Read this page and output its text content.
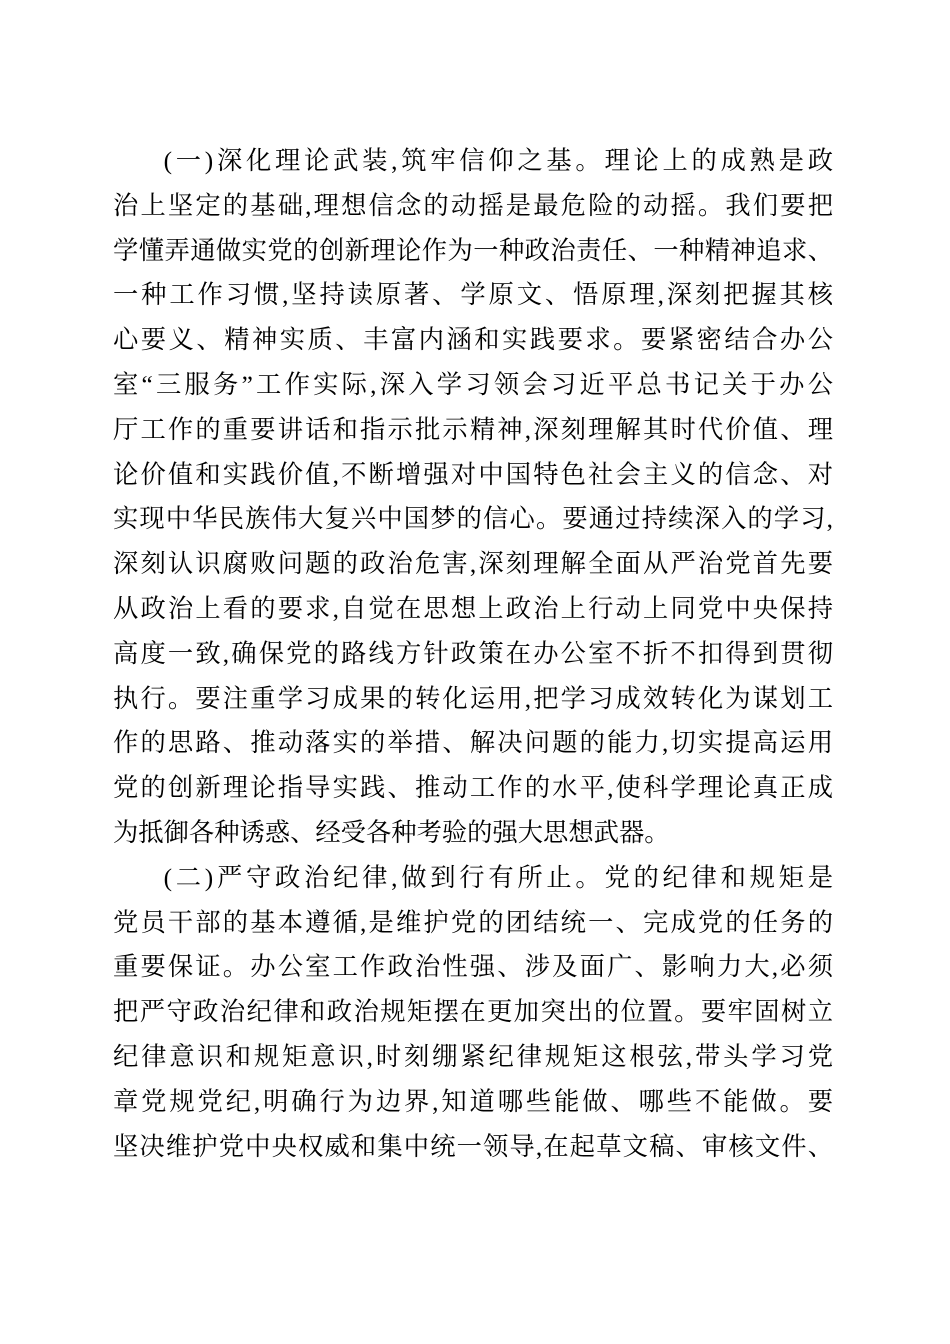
(一)深化理论武装,筑牢信仰之基。理论上的成熟是政
治上坚定的基础,理想信念的动摇是最危险的动摇。我们要把
学懂弄通做实党的创新理论作为一种政治责任、一种精神追求、
一种工作习惯,坚持读原著、学原文、悟原理,深刻把握其核
心要义、精神实质、丰富内涵和实践要求。要紧密结合办公
室“三服务”工作实际,深入学习领会习近平总书记关于办公
厅工作的重要讲话和指示批示精神,深刻理解其时代价值、理
论价值和实践价值,不断增强对中国特色社会主义的信念、对
实现中华民族伟大复兴中国梦的信心。要通过持续深入的学习,
深刻认识腐败问题的政治危害,深刻理解全面从严治党首先要
从政治上看的要求,自觉在思想上政治上行动上同党中央保持
高度一致,确保党的路线方针政策在办公室不折不扣得到贯彻
执行。要注重学习成果的转化运用,把学习成效转化为谋划工
作的思路、推动落实的举措、解决问题的能力,切实提高运用
党的创新理论指导实践、推动工作的水平,使科学理论真正成
为抵御各种诱惑、经受各种考验的强大思想武器。
(二)严守政治纪律,做到行有所止。党的纪律和规矩是
党员干部的基本遵循,是维护党的团结统一、完成党的任务的
重要保证。办公室工作政治性强、涉及面广、影响力大,必须
把严守政治纪律和政治规矩摆在更加突出的位置。要牢固树立
纪律意识和规矩意识,时刻绷紧纪律规矩这根弦,带头学习党
章党规党纪,明确行为边界,知道哪些能做、哪些不能做。要
坚决维护党中央权威和集中统一领导,在起草文稿、审核文件、
